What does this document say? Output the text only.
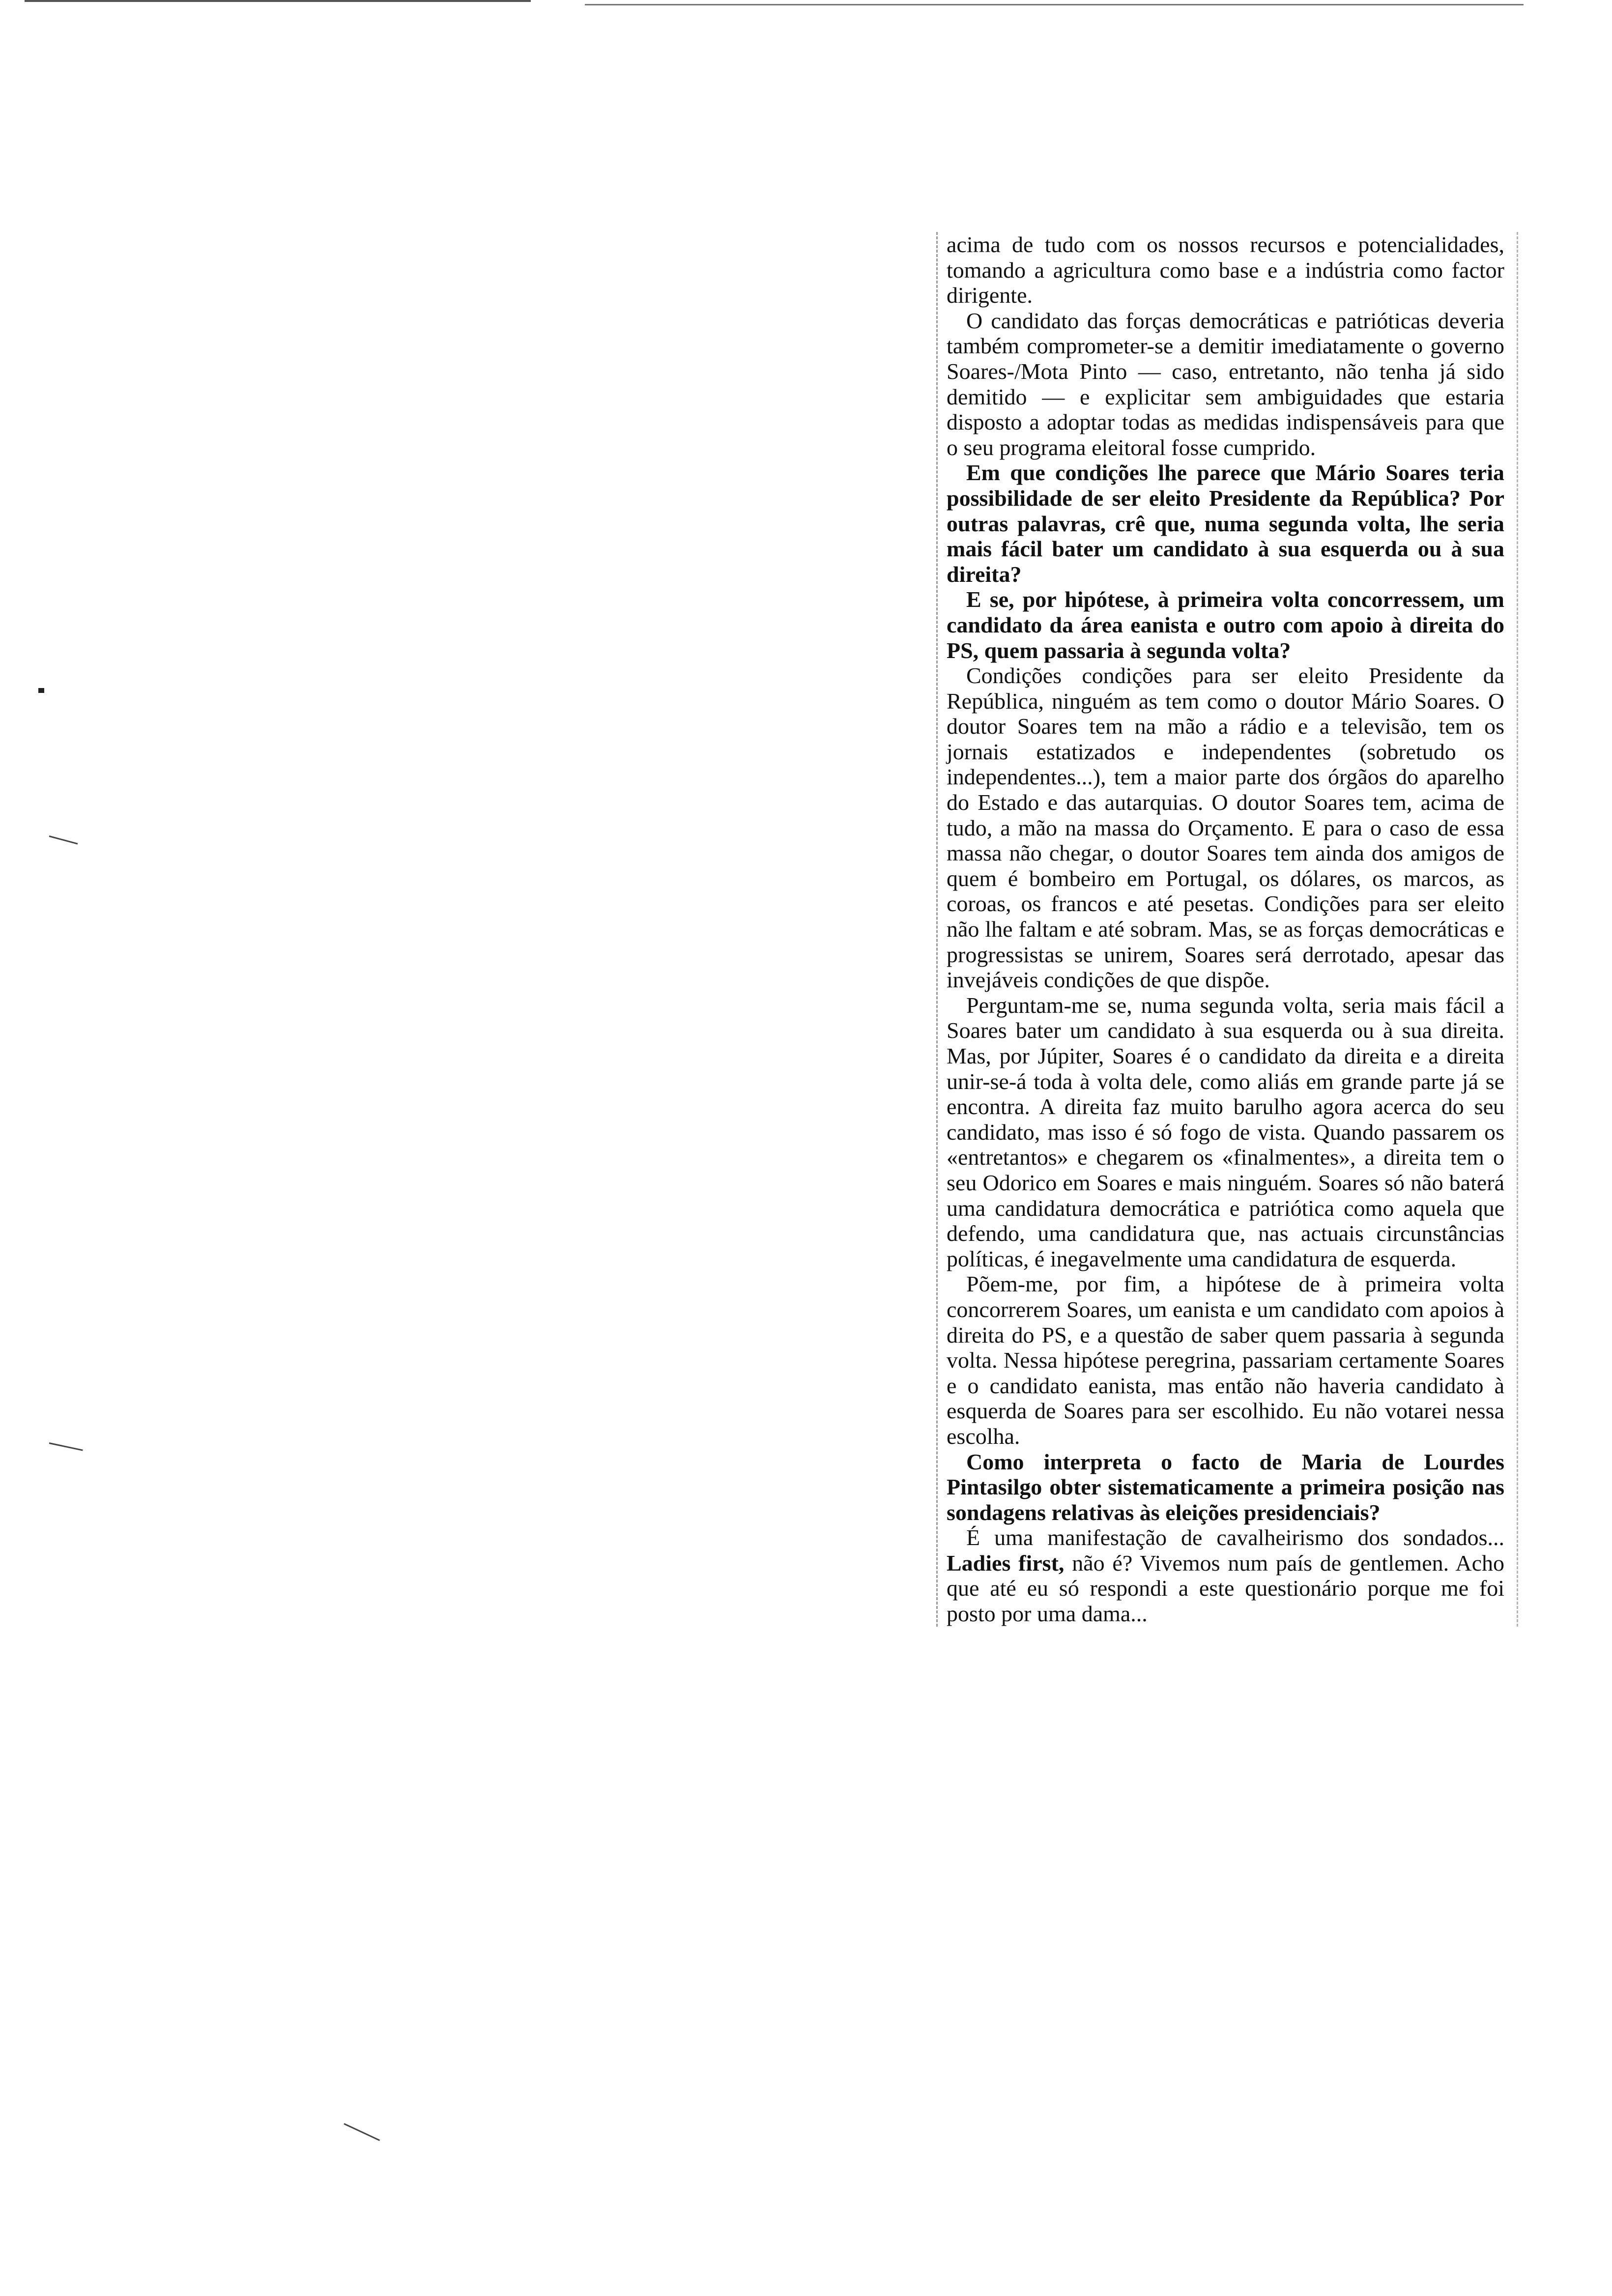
acima de tudo com os nossos recursos e potencialidades, tomando a agricultura como base e a indústria como factor dirigente.

O candidato das forças democráticas e patrióticas deveria também comprometer-se a demitir imediatamente o governo Soares-/Mota Pinto — caso, entretanto, não tenha já sido demitido — e explicitar sem ambiguidades que estaria disposto a adoptar todas as medidas indispensáveis para que o seu programa eleitoral fosse cumprido.

Em que condições lhe parece que Mário Soares teria possibilidade de ser eleito Presidente da República? Por outras palavras, crê que, numa segunda volta, lhe seria mais fácil bater um candidato à sua esquerda ou à sua direita?

E se, por hipótese, à primeira volta concorressem, um candidato da área eanista e outro com apoio à direita do PS, quem passaria à segunda volta?

Condições condições para ser eleito Presidente da República, ninguém as tem como o doutor Mário Soares. O doutor Soares tem na mão a rádio e a televisão, tem os jornais estatizados e independentes (sobretudo os independentes...), tem a maior parte dos órgãos do aparelho do Estado e das autarquias. O doutor Soares tem, acima de tudo, a mão na massa do Orçamento. E para o caso de essa massa não chegar, o doutor Soares tem ainda dos amigos de quem é bombeiro em Portugal, os dólares, os marcos, as coroas, os francos e até pesetas. Condições para ser eleito não lhe faltam e até sobram. Mas, se as forças democráticas e progressistas se unirem, Soares será derrotado, apesar das invejáveis condições de que dispõe.

Perguntam-me se, numa segunda volta, seria mais fácil a Soares bater um candidato à sua esquerda ou à sua direita. Mas, por Júpiter, Soares é o candidato da direita e a direita unir-se-á toda à volta dele, como aliás em grande parte já se encontra. A direita faz muito barulho agora acerca do seu candidato, mas isso é só fogo de vista. Quando passarem os «entretantos» e chegarem os «finalmentes», a direita tem o seu Odorico em Soares e mais ninguém. Soares só não baterá uma candidatura democrática e patriótica como aquela que defendo, uma candidatura que, nas actuais circunstâncias políticas, é inegavelmente uma candidatura de esquerda.

Põem-me, por fim, a hipótese de à primeira volta concorrerem Soares, um eanista e um candidato com apoios à direita do PS, e a questão de saber quem passaria à segunda volta. Nessa hipótese peregrina, passariam certamente Soares e o candidato eanista, mas então não haveria candidato à esquerda de Soares para ser escolhido. Eu não votarei nessa escolha.

Como interpreta o facto de Maria de Lourdes Pintasilgo obter sistematicamente a primeira posição nas sondagens relativas às eleições presidenciais?

É uma manifestação de cavalheirismo dos sondados... Ladies first, não é? Vivemos num país de gentlemen. Acho que até eu só respondi a este questionário porque me foi posto por uma dama...
